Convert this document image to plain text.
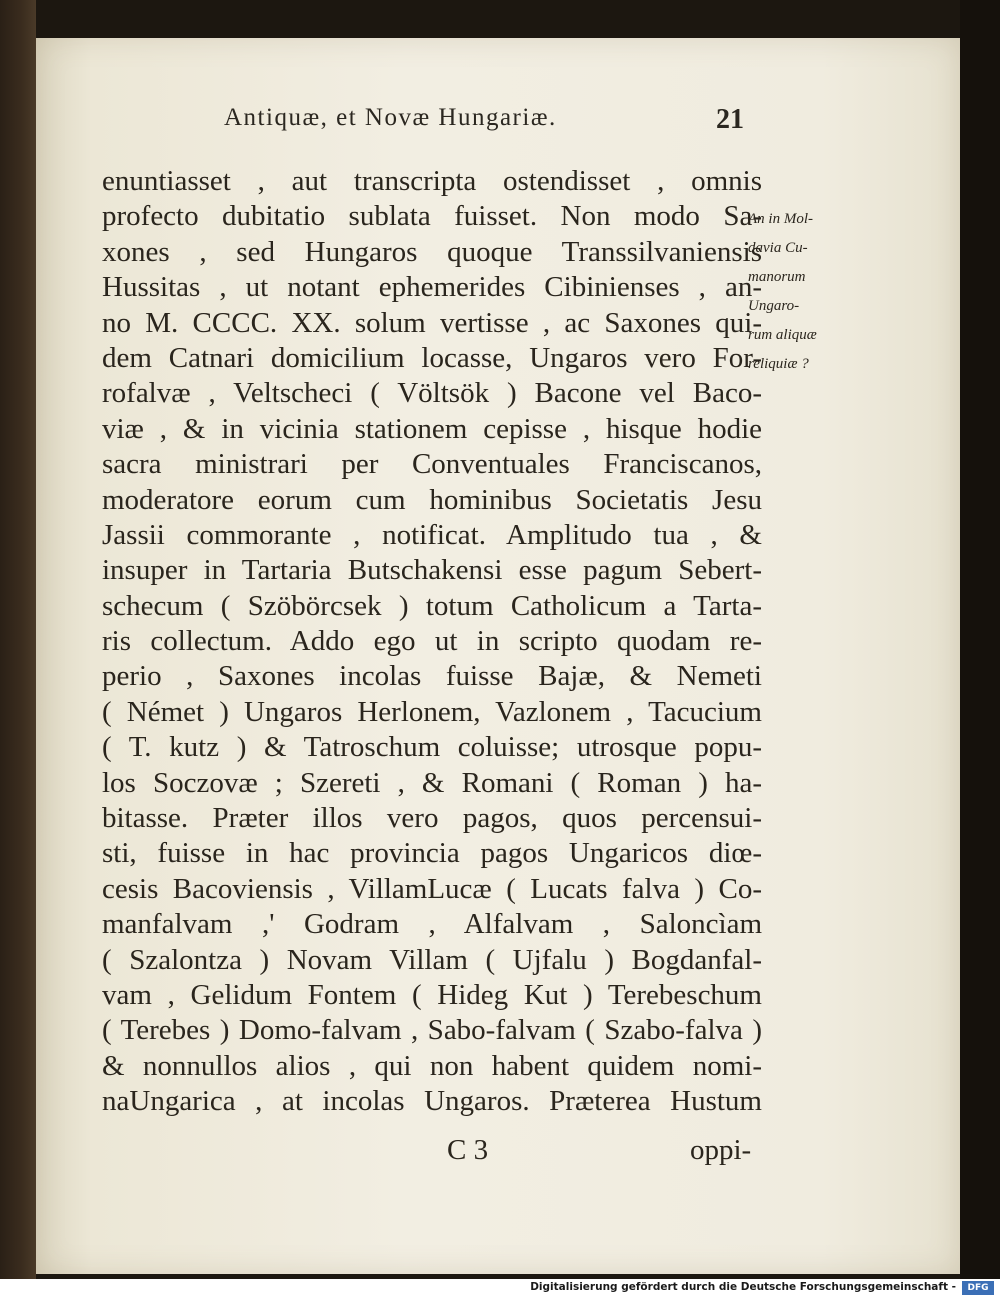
Antiquæ, et Novæ Hungariæ.	21
enuntiasset , aut transcripta ostendisset , omnis
profecto dubitatio sublata fuisset. Non modo Sa-
xones , sed Hungaros quoque Transsilvaniensis
Hussitas , ut notant ephemerides Cibinienses , an-
no M. CCCC. XX. solum vertisse , ac Saxones qui-
dem Catnari domicilium locasse, Ungaros vero For-
rofalvæ , Veltscheci ( Völtsök ) Bacone vel Baco-
viæ , & in vicinia stationem cepisse , hisque hodie
sacra ministrari per Conventuales Franciscanos,
moderatore eorum cum hominibus Societatis Jesu
Jassii commorante , notificat. Amplitudo tua , &
insuper in Tartaria Butschakensi esse pagum Sebert-
schecum ( Szöbörcsek ) totum Catholicum a Tarta-
ris collectum. Addo ego ut in scripto quodam re-
perio , Saxones incolas fuisse Bajæ, & Nemeti
( Német ) Ungaros Herlonem, Vazlonem , Tacucium
( T. kutz ) & Tatroschum coluisse; utrosque popu-
los Soczovæ ; Szereti , & Romani ( Roman ) ha-
bitasse. Præter illos vero pagos, quos percensui-
sti, fuisse in hac provincia pagos Ungaricos diœ-
cesis Bacoviensis , VillamLucæ ( Lucats falva ) Co-
manfalvam ,' Godram , Alfalvam , Saloncìam
( Szalontza ) Novam Villam ( Ujfalu ) Bogdanfal-
vam , Gelidum Fontem ( Hideg Kut ) Terebeschum
( Terebes ) Domo-falvam , Sabo-falvam ( Szabo-falva )
& nonnullos alios , qui non habent quidem nomi-
naUngarica , at incolas Ungaros. Præterea Hustum
An in Mol-
davia Cu-
manorum
Ungaro-
rum aliquæ
reliquiæ ?
C 3	oppi-
Digitalisierung gefördert durch die Deutsche Forschungsgemeinschaft -	DFG
